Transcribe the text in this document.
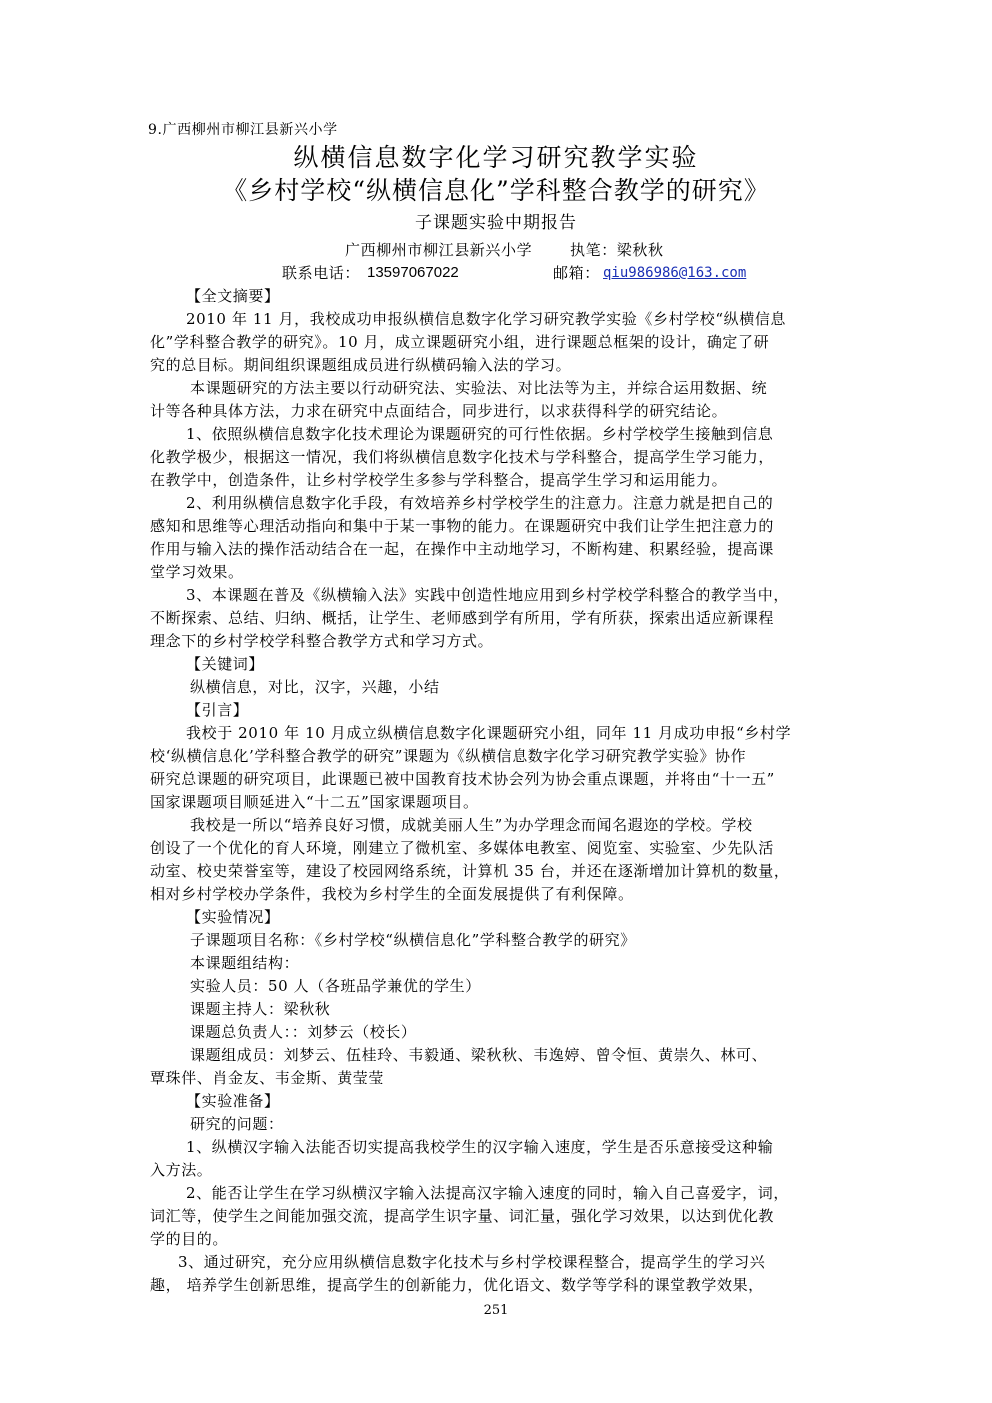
9.广西柳州市柳江县新兴小学
纵横信息数字化学习研究教学实验
《乡村学校“纵横信息化”学科整合教学的研究》
子课题实验中期报告
广西柳州市柳江县新兴小学	执笔：梁秋秋
联系电话： 13597067022	邮箱： qiu986986@163.com
【全文摘要】
2010 年 11 月，我校成功申报纵横信息数字化学习研究教学实验《乡村学校“纵横信息
化”学科整合教学的研究》。10 月，成立课题研究小组，进行课题总框架的设计，确定了研
究的总目标。期间组织课题组成员进行纵横码输入法的学习。
本课题研究的方法主要以行动研究法、实验法、对比法等为主，并综合运用数据、统
计等各种具体方法，力求在研究中点面结合，同步进行，以求获得科学的研究结论。
1、依照纵横信息数字化技术理论为课题研究的可行性依据。乡村学校学生接触到信息
化教学极少，根据这一情况，我们将纵横信息数字化技术与学科整合，提高学生学习能力，
在教学中，创造条件，让乡村学校学生多参与学科整合，提高学生学习和运用能力。
2、利用纵横信息数字化手段，有效培养乡村学校学生的注意力。注意力就是把自己的
感知和思维等心理活动指向和集中于某一事物的能力。在课题研究中我们让学生把注意力的
作用与输入法的操作活动结合在一起，在操作中主动地学习，不断构建、积累经验，提高课
堂学习效果。
3、本课题在普及《纵横输入法》实践中创造性地应用到乡村学校学科整合的教学当中，
不断探索、总结、归纳、概括，让学生、老师感到学有所用，学有所获，探索出适应新课程
理念下的乡村学校学科整合教学方式和学习方式。
【关键词】
纵横信息，对比，汉字，兴趣，小结
【引言】
我校于 2010 年 10 月成立纵横信息数字化课题研究小组，同年 11 月成功申报“乡村学
校‘纵横信息化’学科整合教学的研究”课题为《纵横信息数字化学习研究教学实验》协作
研究总课题的研究项目，此课题已被中国教育技术协会列为协会重点课题，并将由“十一五”
国家课题项目顺延进入“十二五”国家课题项目。
我校是一所以“培养良好习惯，成就美丽人生”为办学理念而闻名遐迩的学校。学校
创设了一个优化的育人环境，刚建立了微机室、多媒体电教室、阅览室、实验室、少先队活
动室、校史荣誉室等，建设了校园网络系统，计算机 35 台，并还在逐渐增加计算机的数量，
相对乡村学校办学条件，我校为乡村学生的全面发展提供了有利保障。
【实验情况】
子课题项目名称：《乡村学校“纵横信息化”学科整合教学的研究》
本课题组结构：
实验人员：50 人（各班品学兼优的学生）
课题主持人：梁秋秋
课题总负责人：：刘梦云（校长）
课题组成员：刘梦云、伍桂玲、韦毅通、梁秋秋、韦逸婷、曾令恒、黄崇久、林可、
覃珠伴、肖金友、韦金斯、黄莹莹
【实验准备】
研究的问题：
1、纵横汉字输入法能否切实提高我校学生的汉字输入速度，学生是否乐意接受这种输
入方法。
2、能否让学生在学习纵横汉字输入法提高汉字输入速度的同时，输入自己喜爱字，词，
词汇等，使学生之间能加强交流，提高学生识字量、词汇量，强化学习效果，以达到优化教
学的目的。
3、通过研究，充分应用纵横信息数字化技术与乡村学校课程整合，提高学生的学习兴
趣， 培养学生创新思维，提高学生的创新能力，优化语文、数学等学科的课堂教学效果，
251
